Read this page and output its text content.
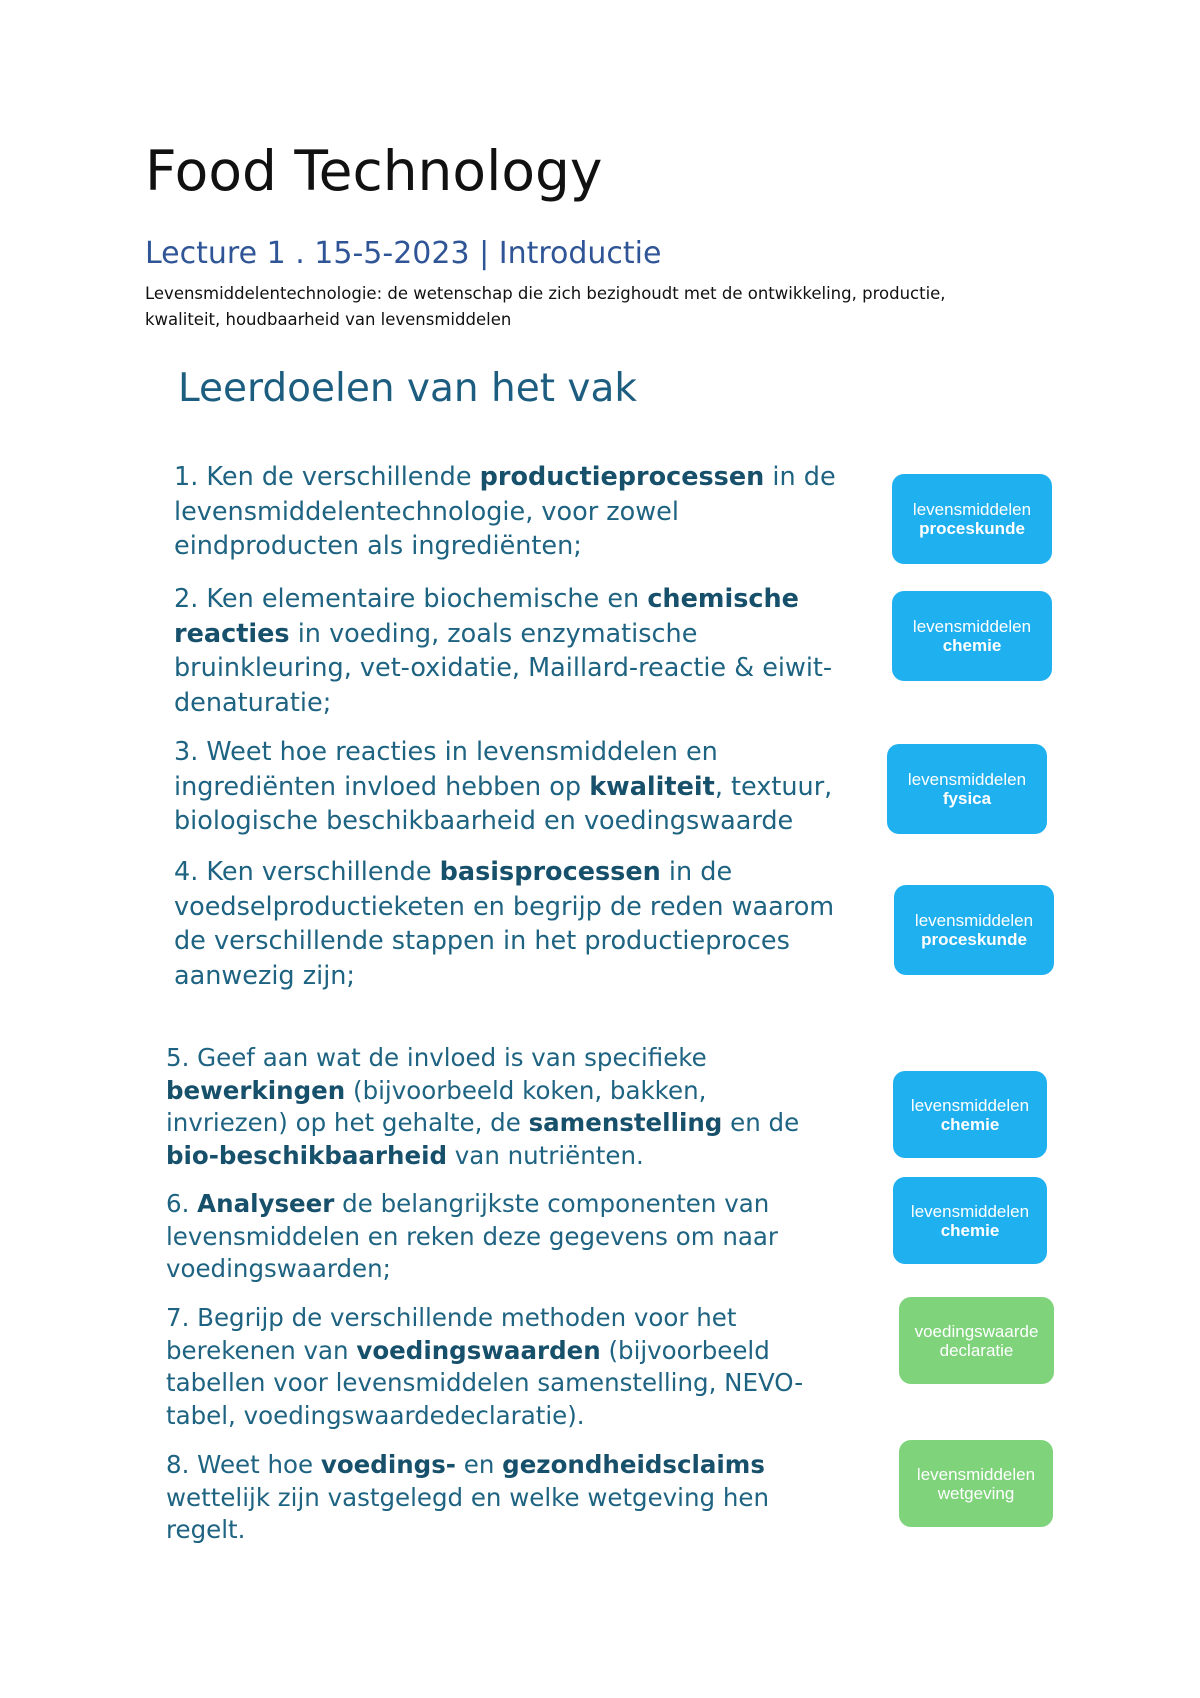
Food Technology
Lecture 1 . 15-5-2023 | Introductie
Levensmiddelentechnologie: de wetenschap die zich bezighoudt met de ontwikkeling, productie,
kwaliteit, houdbaarheid van levensmiddelen
Leerdoelen van het vak
1. Ken de verschillende productieprocessen in de
levensmiddelentechnologie, voor zowel
eindproducten als ingrediënten;
2. Ken elementaire biochemische en chemische
reacties in voeding, zoals enzymatische
bruinkleuring, vet-oxidatie, Maillard-reactie & eiwit-
denaturatie;
3. Weet hoe reacties in levensmiddelen en
ingrediënten invloed hebben op kwaliteit, textuur,
biologische beschikbaarheid en voedingswaarde
4. Ken verschillende basisprocessen in de
voedselproductieketen en begrijp de reden waarom
de verschillende stappen in het productieproces
aanwezig zijn;
5. Geef aan wat de invloed is van specifieke
bewerkingen (bijvoorbeeld koken, bakken,
invriezen) op het gehalte, de samenstelling en de
bio-beschikbaarheid van nutriënten.
6. Analyseer de belangrijkste componenten van
levensmiddelen en reken deze gegevens om naar
voedingswaarden;
7. Begrijp de verschillende methoden voor het
berekenen van voedingswaarden (bijvoorbeeld
tabellen voor levensmiddelen samenstelling, NEVO-
tabel, voedingswaardedeclaratie).
8. Weet hoe voedings- en gezondheidsclaims
wettelijk zijn vastgelegd en welke wetgeving hen
regelt.
levensmiddelen
proceskunde
levensmiddelen
chemie
levensmiddelen
fysica
levensmiddelen
proceskunde
levensmiddelen
chemie
levensmiddelen
chemie
voedingswaarde
declaratie
levensmiddelen
wetgeving
